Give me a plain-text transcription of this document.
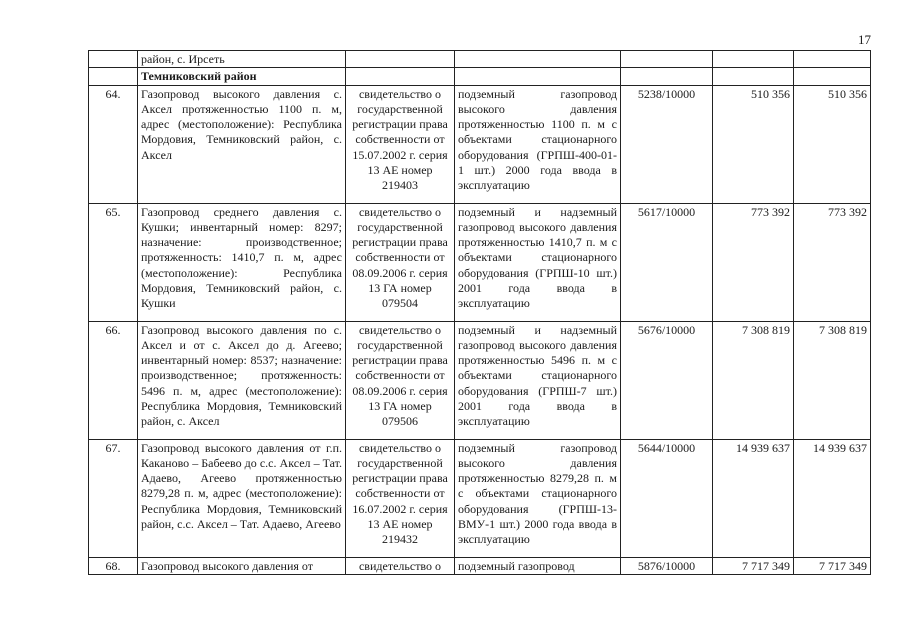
17
	район, с. Ирсеть					
	Темниковский район					
64.	Газопровод высокого давления с. Аксел протяженностью 1100 п. м, адрес (местоположение): Республика Мордовия, Темниковский район, с. Аксел	свидетельство о государственной регистрации права собственности от 15.07.2002 г. серия 13 АЕ номер 219403	подземный газопровод высокого давления протяженностью 1100 п. м с объектами стационарного оборудования (ГРПШ-400-01-1 шт.) 2000 года ввода в эксплуатацию	5238/10000	510 356	510 356
65.	Газопровод среднего давления с. Кушки; инвентарный номер: 8297; назначение: производственное; протяженность: 1410,7 п. м, адрес (местоположение): Республика Мордовия, Темниковский район, с. Кушки	свидетельство о государственной регистрации права собственности от 08.09.2006 г. серия 13 ГА номер 079504	подземный и надземный газопровод высокого давления протяженностью 1410,7 п. м с объектами стационарного оборудования (ГРПШ-10 шт.) 2001 года ввода в эксплуатацию	5617/10000	773 392	773 392
66.	Газопровод высокого давления по с. Аксел и от с. Аксел до д. Агеево; инвентарный номер: 8537; назначение: производственное; протяженность: 5496 п. м, адрес (местоположение): Республика Мордовия, Темниковский район, с. Аксел	свидетельство о государственной регистрации права собственности от 08.09.2006 г. серия 13 ГА номер 079506	подземный и надземный газопровод высокого давления протяженностью 5496 п. м с объектами стационарного оборудования (ГРПШ-7 шт.) 2001 года ввода в эксплуатацию	5676/10000	7 308 819	7 308 819
67.	Газопровод высокого давления от г.п. Каканово – Бабеево до с.с. Аксел – Тат. Адаево, Агеево протяженностью 8279,28 п. м, адрес (местоположение): Республика Мордовия, Темниковский район, с.с. Аксел – Тат. Адаево, Агеево	свидетельство о государственной регистрации права собственности от 16.07.2002 г. серия 13 АЕ номер 219432	подземный газопровод высокого давления протяженностью 8279,28 п. м с объектами стационарного оборудования (ГРПШ-13-ВМУ-1 шт.) 2000 года ввода в эксплуатацию	5644/10000	14 939 637	14 939 637
68.	Газопровод высокого давления от	свидетельство о	подземный газопровод	5876/10000	7 717 349	7 717 349
